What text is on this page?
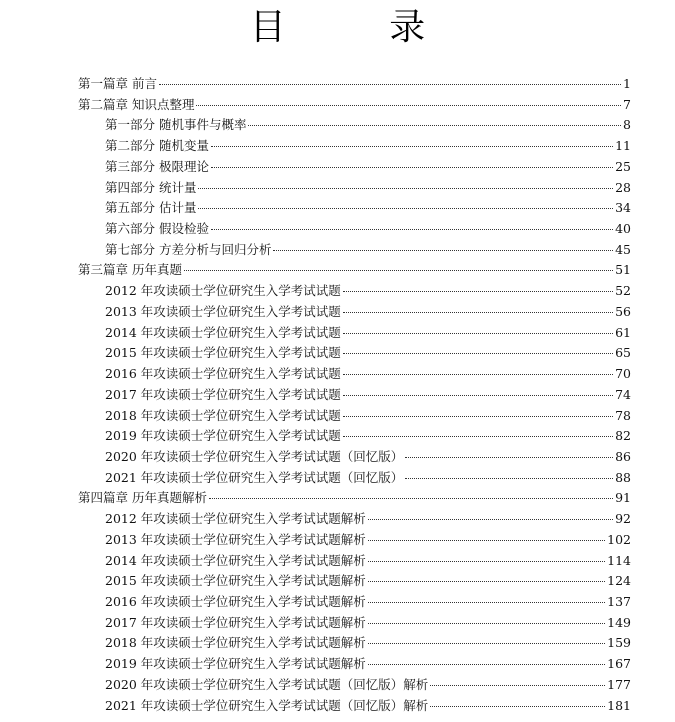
目 录
第一篇章 前言	1
第二篇章 知识点整理	7
第一部分 随机事件与概率	8
第二部分 随机变量	11
第三部分 极限理论	25
第四部分 统计量	28
第五部分 估计量	34
第六部分 假设检验	40
第七部分 方差分析与回归分析	45
第三篇章 历年真题	51
2012 年攻读硕士学位研究生入学考试试题	52
2013 年攻读硕士学位研究生入学考试试题	56
2014 年攻读硕士学位研究生入学考试试题	61
2015 年攻读硕士学位研究生入学考试试题	65
2016 年攻读硕士学位研究生入学考试试题	70
2017 年攻读硕士学位研究生入学考试试题	74
2018 年攻读硕士学位研究生入学考试试题	78
2019 年攻读硕士学位研究生入学考试试题	82
2020 年攻读硕士学位研究生入学考试试题（回忆版）	86
2021 年攻读硕士学位研究生入学考试试题（回忆版）	88
第四篇章 历年真题解析	91
2012 年攻读硕士学位研究生入学考试试题解析	92
2013 年攻读硕士学位研究生入学考试试题解析	102
2014 年攻读硕士学位研究生入学考试试题解析	114
2015 年攻读硕士学位研究生入学考试试题解析	124
2016 年攻读硕士学位研究生入学考试试题解析	137
2017 年攻读硕士学位研究生入学考试试题解析	149
2018 年攻读硕士学位研究生入学考试试题解析	159
2019 年攻读硕士学位研究生入学考试试题解析	167
2020 年攻读硕士学位研究生入学考试试题（回忆版）解析	177
2021 年攻读硕士学位研究生入学考试试题（回忆版）解析	181
